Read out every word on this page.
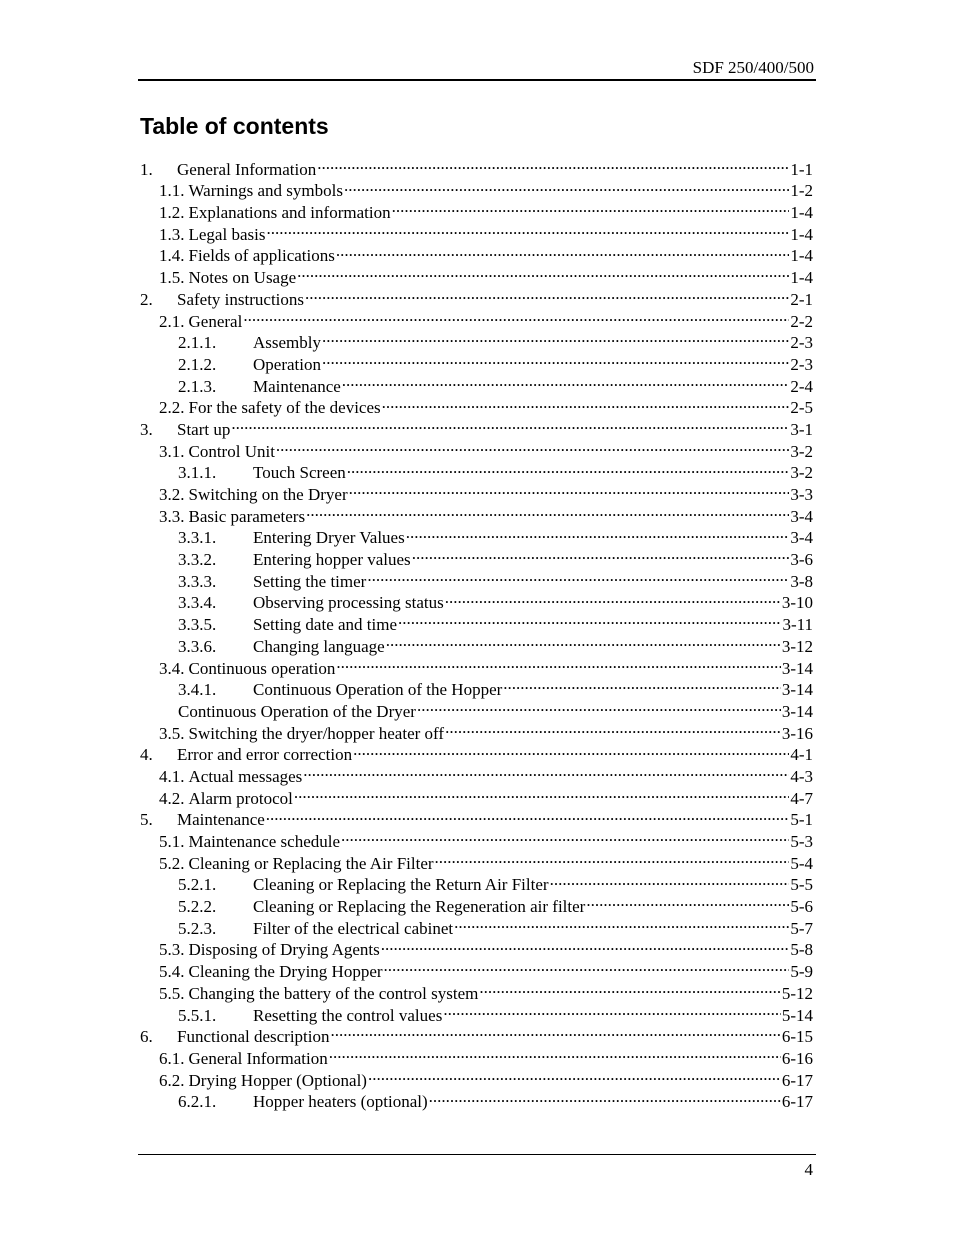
SDF 250/400/500
Table of contents
1.	General Information .....	1-1
1.1. Warnings and symbols .....	1-2
1.2. Explanations and information .....	1-4
1.3. Legal basis .....	1-4
1.4. Fields of applications .....	1-4
1.5. Notes on Usage .....	1-4
2.	Safety instructions .....	2-1
2.1. General .....	2-2
2.1.1.	Assembly .....	2-3
2.1.2.	Operation .....	2-3
2.1.3.	Maintenance .....	2-4
2.2. For the safety of the devices .....	2-5
3.	Start up .....	3-1
3.1. Control Unit .....	3-2
3.1.1.	Touch Screen .....	3-2
3.2. Switching on the Dryer .....	3-3
3.3. Basic parameters .....	3-4
3.3.1.	Entering Dryer Values .....	3-4
3.3.2.	Entering hopper values .....	3-6
3.3.3.	Setting the timer .....	3-8
3.3.4.	Observing processing status .....	3-10
3.3.5.	Setting date and time .....	3-11
3.3.6.	Changing language .....	3-12
3.4. Continuous operation .....	3-14
3.4.1.	Continuous Operation of the Hopper .....	3-14
Continuous Operation of the Dryer .....	3-14
3.5. Switching the dryer/hopper heater off .....	3-16
4.	Error and error correction .....	4-1
4.1. Actual messages .....	4-3
4.2. Alarm protocol .....	4-7
5.	Maintenance .....	5-1
5.1. Maintenance schedule .....	5-3
5.2. Cleaning or Replacing the Air Filter .....	5-4
5.2.1.	Cleaning or Replacing the Return Air Filter .....	5-5
5.2.2.	Cleaning or Replacing the Regeneration air filter .....	5-6
5.2.3.	Filter of the electrical cabinet .....	5-7
5.3. Disposing of Drying Agents .....	5-8
5.4. Cleaning the Drying Hopper .....	5-9
5.5. Changing the battery of the control system .....	5-12
5.5.1.	Resetting the control values .....	5-14
6.	Functional description .....	6-15
6.1. General Information .....	6-16
6.2. Drying Hopper (Optional) .....	6-17
6.2.1.	Hopper heaters (optional) .....	6-17
4
